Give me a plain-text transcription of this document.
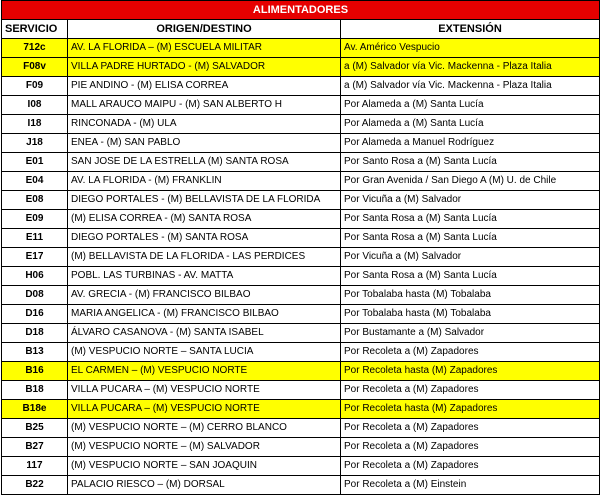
ALIMENTADORES		
SERVICIO	ORIGEN/DESTINO	EXTENSIÓN
712c	AV. LA FLORIDA – (M) ESCUELA MILITAR	Av. Américo Vespucio
F08v	VILLA PADRE HURTADO - (M) SALVADOR	a (M) Salvador vía Vic. Mackenna - Plaza Italia
F09	PIE ANDINO - (M) ELISA CORREA	a (M) Salvador vía Vic. Mackenna - Plaza Italia
I08	MALL ARAUCO MAIPU - (M) SAN ALBERTO H	Por Alameda a (M) Santa Lucía
I18	RINCONADA - (M) ULA	Por Alameda a (M) Santa Lucía
J18	ENEA - (M) SAN PABLO	Por Alameda a Manuel Rodríguez
E01	SAN JOSE DE LA ESTRELLA (M) SANTA ROSA	Por Santo Rosa a (M) Santa Lucía
E04	AV. LA FLORIDA - (M) FRANKLIN	Por Gran Avenida / San Diego A (M) U. de Chile
E08	DIEGO PORTALES - (M) BELLAVISTA DE LA FLORIDA	Por Vicuña a (M) Salvador
E09	(M) ELISA CORREA - (M) SANTA ROSA	Por Santa Rosa a (M) Santa Lucía
E11	DIEGO PORTALES - (M) SANTA ROSA	Por Santa Rosa a (M) Santa Lucía
E17	(M) BELLAVISTA DE LA FLORIDA - LAS PERDICES	Por Vicuña a (M) Salvador
H06	POBL. LAS TURBINAS - AV. MATTA	Por Santa Rosa a (M) Santa Lucía
D08	AV. GRECIA - (M) FRANCISCO BILBAO	Por Tobalaba hasta (M) Tobalaba
D16	MARIA ANGELICA - (M) FRANCISCO BILBAO	Por Tobalaba hasta (M) Tobalaba
D18	ÁLVARO CASANOVA - (M) SANTA ISABEL	Por Bustamante a (M) Salvador
B13	(M) VESPUCIO NORTE – SANTA LUCIA	Por Recoleta a (M) Zapadores
B16	EL CARMEN – (M) VESPUCIO NORTE	Por Recoleta hasta (M) Zapadores
B18	VILLA PUCARA – (M) VESPUCIO NORTE	Por Recoleta a (M) Zapadores
B18e	VILLA PUCARA – (M) VESPUCIO NORTE	Por Recoleta hasta (M) Zapadores
B25	(M) VESPUCIO NORTE – (M) CERRO BLANCO	Por Recoleta a (M) Zapadores
B27	(M) VESPUCIO NORTE – (M) SALVADOR	Por Recoleta a (M) Zapadores
117	(M) VESPUCIO NORTE – SAN JOAQUIN	Por Recoleta a (M) Zapadores
B22	PALACIO RIESCO – (M) DORSAL	Por Recoleta a (M) Einstein
